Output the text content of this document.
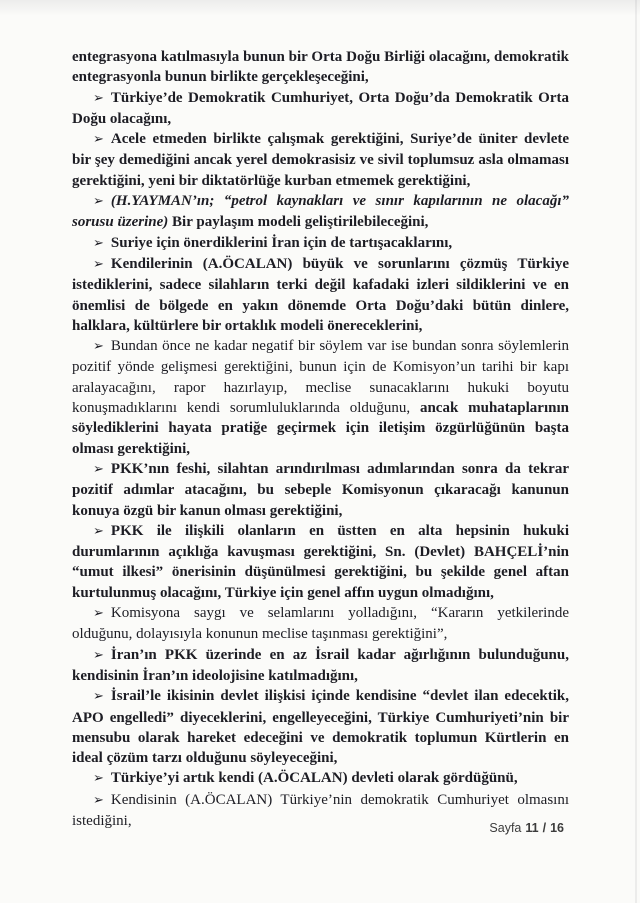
entegrasyona katılmasıyla bunun bir Orta Doğu Birliği olacağını, demokratik entegrasyonla bunun birlikte gerçekleşeceğini,

➢ Türkiye’de Demokratik Cumhuriyet, Orta Doğu’da Demokratik Orta Doğu olacağını,

➢ Acele etmeden birlikte çalışmak gerektiğini, Suriye’de üniter devlete bir şey demediğini ancak yerel demokrasisiz ve sivil toplumsuz asla olmaması gerektiğini, yeni bir diktatörlüğe kurban etmemek gerektiğini,

➢ (H.YAYMAN’ın; “petrol kaynakları ve sınır kapılarının ne olacağı” sorusu üzerine) Bir paylaşım modeli geliştirilebileceğini,

➢ Suriye için önerdiklerini İran için de tartışacaklarını,

➢ Kendilerinin (A.ÖCALAN) büyük ve sorunlarını çözmüş Türkiye istediklerini, sadece silahların terki değil kafadaki izleri sildiklerini ve en önemlisi de bölgede en yakın dönemde Orta Doğu’daki bütün dinlere, halklara, kültürlere bir ortaklık modeli önereceklerini,

➢ Bundan önce ne kadar negatif bir söylem var ise bundan sonra söylemlerin pozitif yönde gelişmesi gerektiğini, bunun için de Komisyon’un tarihi bir kapı aralayacağını, rapor hazırlayıp, meclise sunacaklarını hukuki boyutu konuşmadıklarını kendi sorumluluklarında olduğunu, ancak muhataplarının söylediklerini hayata pratiğe geçirmek için iletişim özgürlüğünün başta olması gerektiğini,

➢ PKK’nın feshi, silahtan arındırılması adımlarından sonra da tekrar pozitif adımlar atacağını, bu sebeple Komisyonun çıkaracağı kanunun konuya özgü bir kanun olması gerektiğini,

➢ PKK ile ilişkili olanların en üstten en alta hepsinin hukuki durumlarının açıklığa kavuşması gerektiğini, Sn. (Devlet) BAHÇELİ’nin “umut ilkesi” önerisinin düşünülmesi gerektiğini, bu şekilde genel aftan kurtulunmuş olacağını, Türkiye için genel affın uygun olmadığını,

➢ Komisyona saygı ve selamlarını yolladığını, “Kararın yetkilerinde olduğunu, dolayısıyla konunun meclise taşınması gerektiğini”,

➢ İran’ın PKK üzerinde en az İsrail kadar ağırlığının bulunduğunu, kendisinin İran’ın ideolojisine katılmadığını,

➢ İsrail’le ikisinin devlet ilişkisi içinde kendisine “devlet ilan edecektik, APO engelledi” diyeceklerini, engelleyeceğini, Türkiye Cumhuriyeti’nin bir mensubu olarak hareket edeceğini ve demokratik toplumun Kürtlerin en ideal çözüm tarzı olduğunu söyleyeceğini,

➢ Türkiye’yi artık kendi (A.ÖCALAN) devleti olarak gördüğünü,

➢ Kendisinin (A.ÖCALAN) Türkiye’nin demokratik Cumhuriyet olmasını istediğini,	Sayfa 11 / 16
